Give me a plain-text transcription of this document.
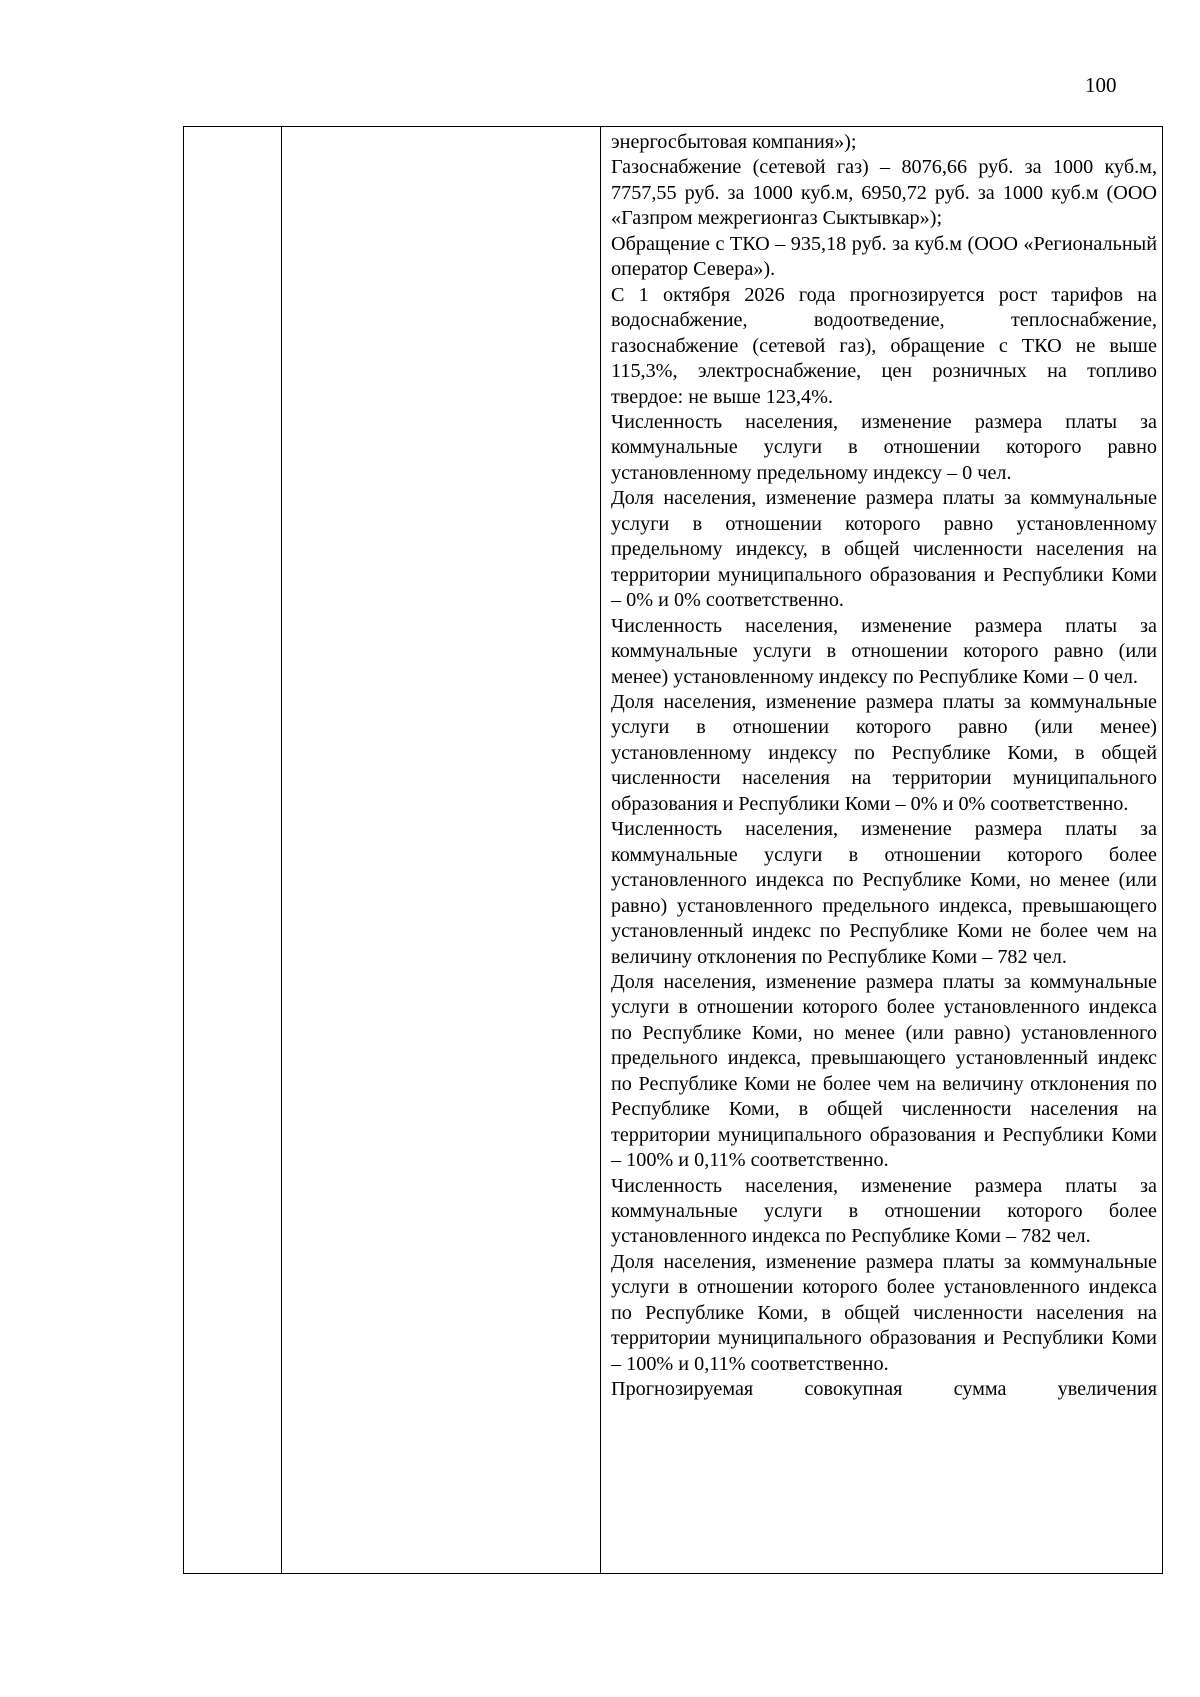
100

энергосбытовая компания»);

Газоснабжение (сетевой газ) – 8076,66 руб. за 1000 куб.м, 7757,55 руб. за 1000 куб.м, 6950,72 руб. за 1000 куб.м (ООО «Газпром межрегионгаз Сыктывкар»);

Обращение с ТКО – 935,18 руб. за куб.м (ООО «Региональный оператор Севера»).

С 1 октября 2026 года прогнозируется рост тарифов на водоснабжение, водоотведение, теплоснабжение, газоснабжение (сетевой газ), обращение с ТКО не выше 115,3%, электроснабжение, цен розничных на топливо твердое: не выше 123,4%.

Численность населения, изменение размера платы за коммунальные услуги в отношении которого равно установленному предельному индексу – 0 чел.

Доля населения, изменение размера платы за коммунальные услуги в отношении которого равно установленному предельному индексу, в общей численности населения на территории муниципального образования и Республики Коми – 0% и 0% соответственно.

Численность населения, изменение размера платы за коммунальные услуги в отношении которого равно (или менее) установленному индексу по Республике Коми – 0 чел.

Доля населения, изменение размера платы за коммунальные услуги в отношении которого равно (или менее) установленному индексу по Республике Коми, в общей численности населения на территории муниципального образования и Республики Коми – 0% и 0% соответственно.

Численность населения, изменение размера платы за коммунальные услуги в отношении которого более установленного индекса по Республике Коми, но менее (или равно) установленного предельного индекса, превышающего установленный индекс по Республике Коми не более чем на величину отклонения по Республике Коми – 782 чел.

Доля населения, изменение размера платы за коммунальные услуги в отношении которого более установленного индекса по Республике Коми, но менее (или равно) установленного предельного индекса, превышающего установленный индекс по Республике Коми не более чем на величину отклонения по Республике Коми, в общей численности населения на территории муниципального образования и Республики Коми – 100% и 0,11% соответственно.

Численность населения, изменение размера платы за коммунальные услуги в отношении которого более установленного индекса по Республике Коми – 782 чел.

Доля населения, изменение размера платы за коммунальные услуги в отношении которого более установленного индекса по Республике Коми, в общей численности населения на территории муниципального образования и Республики Коми – 100% и 0,11% соответственно.

Прогнозируемая совокупная сумма увеличения
